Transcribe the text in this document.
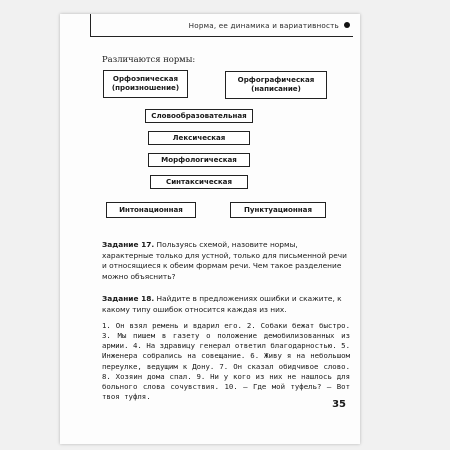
Норма, ее динамика и вариативность
Различаются нормы:
Орфоэпическая
(произношение)
Орфографическая
(написание)
Словообразовательная
Лексическая
Морфологическая
Синтаксическая
Интонационная	Пунктуационная
Задание 17. Пользуясь схемой, назовите нормы, характерные только для устной, только для письменной речи и относящиеся к обеим формам речи. Чем такое разделение можно объяснить?
Задание 18. Найдите в предложениях ошибки и скажите, к какому типу ошибок относится каждая из них.
1. Он взял ремень и вдарил его. 2. Собаки бежат быстро. 3. Мы пишем в газету о положение демобилизованных из армии. 4. На здравицу генерал ответил благодарностью. 5. Инженера собрались на совещание. 6. Живу я на небольшом переулке, ведущим к Дону. 7. Он сказал обидчивое слово. 8. Хозяин дома спал. 9. Ни у кого из них не нашлось для больного слова сочувствия. 10. — Где мой туфель? — Вот твоя туфля.
35
